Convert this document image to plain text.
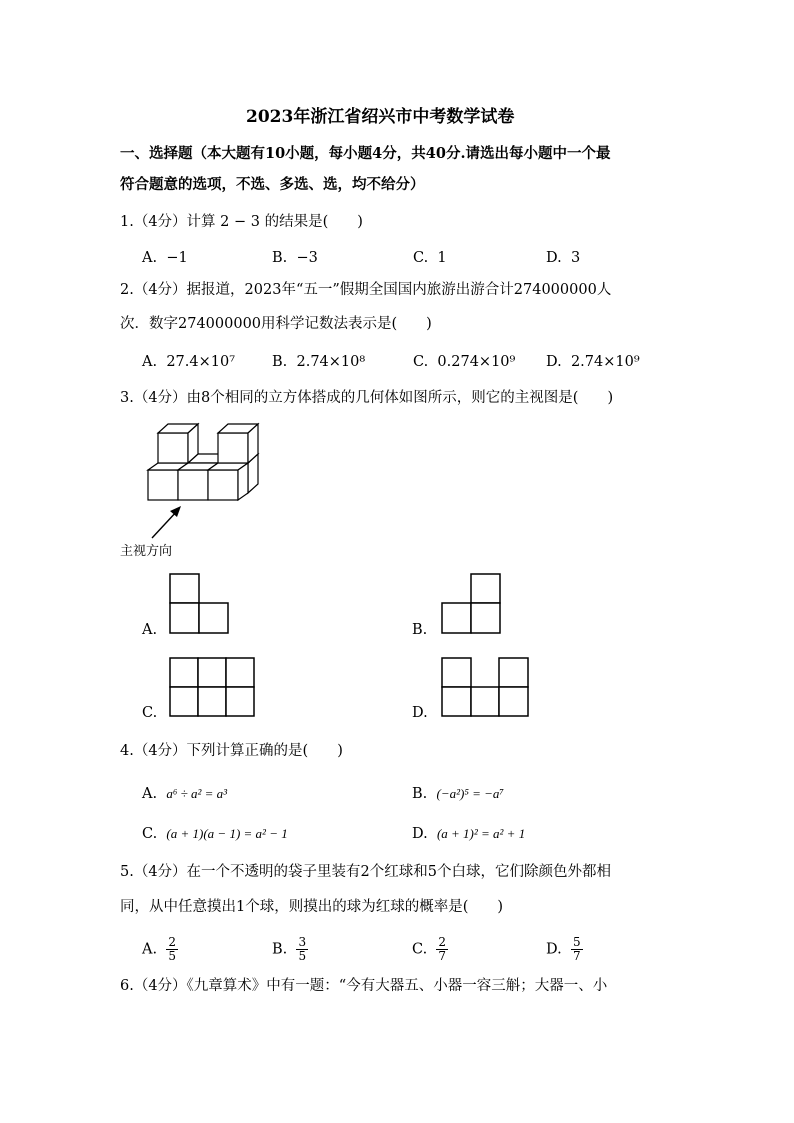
2023年浙江省绍兴市中考数学试卷
一、选择题（本大题有10小题，每小题4分，共40分.请选出每小题中一个最
符合题意的选项，不选、多选、选，均不给分）
1.（4分）计算 2 − 3 的结果是(　　)
A. −1	B. −3	C. 1	D. 3
2.（4分）据报道，2023年“五一”假期全国国内旅游出游合计274000000人
次．数字274000000用科学记数法表示是(　　)
A. 27.4×10⁷	B. 2.74×10⁸	C. 0.274×10⁹ D. 2.74×10⁹
3.（4分）由8个相同的立方体搭成的几何体如图所示，则它的主视图是(　　)
主视方向
A.	B.
C.	D.
4.（4分）下列计算正确的是(　　)
A. a⁶ ÷ a² = a³	B. (−a²)⁵ = −a⁷
C. (a + 1)(a − 1) = a² − 1	D. (a + 1)² = a² + 1
5.（4分）在一个不透明的袋子里装有2个红球和5个白球，它们除颜色外都相
同，从中任意摸出1个球，则摸出的球为红球的概率是(　　)
A. $\frac{2}{5}$	B. $\frac{3}{5}$	C. $\frac{2}{7}$	D. $\frac{5}{7}$
6.（4分）《九章算术》中有一题：“今有大器五、小器一容三斛；大器一、小
